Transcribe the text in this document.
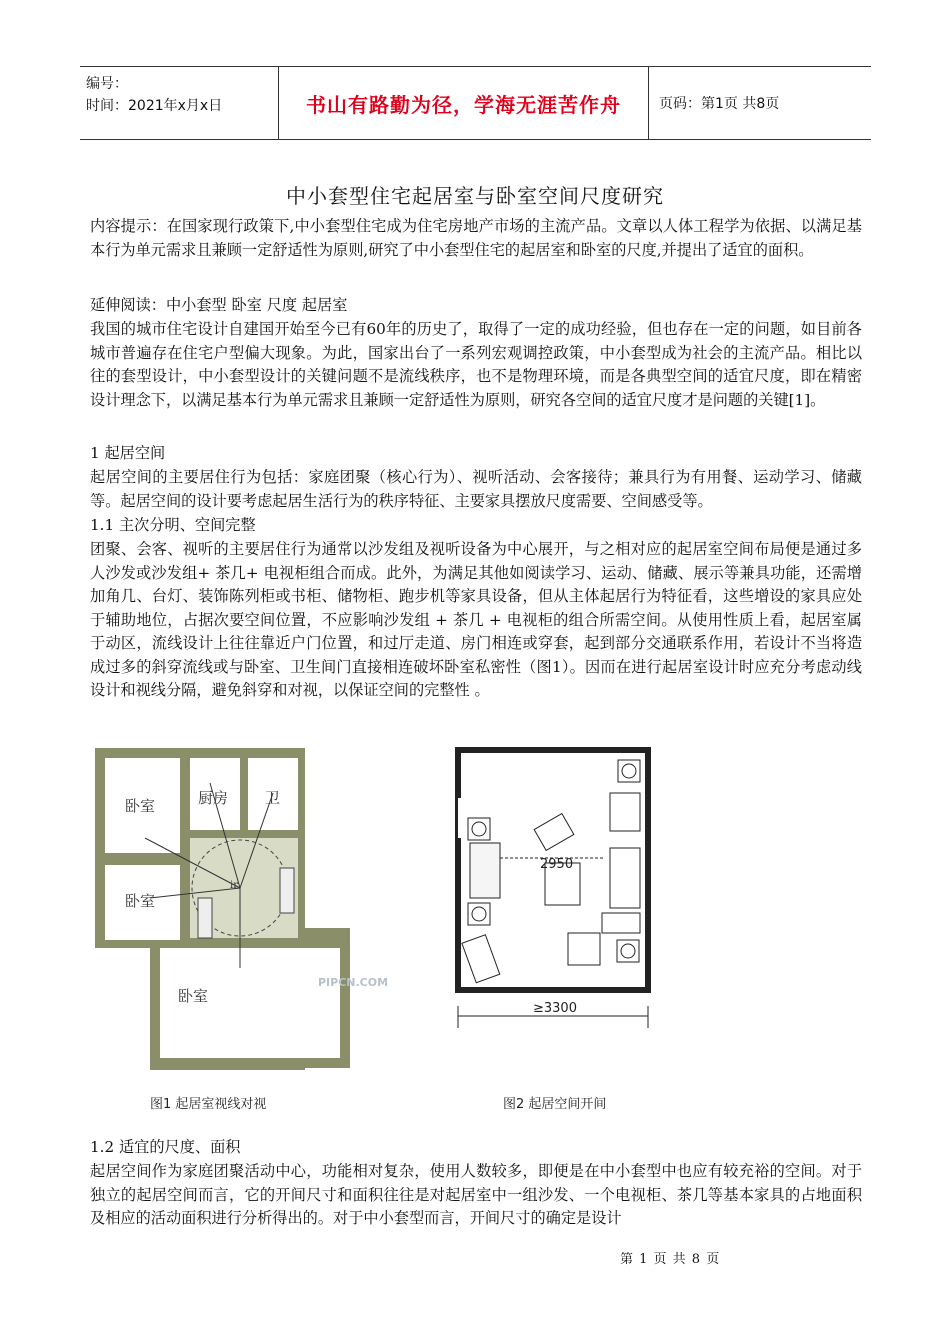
编号：
时间：2021年x月x日	书山有路勤为径，学海无涯苦作舟	页码：第1页 共8页
中小套型住宅起居室与卧室空间尺度研究

内容提示：在国家现行政策下,中小套型住宅成为住宅房地产市场的主流产品。文章以人体工程学为依据、以满足基本行为单元需求且兼顾一定舒适性为原则,研究了中小套型住宅的起居室和卧室的尺度,并提出了适宜的面积。

延伸阅读：中小套型 卧室 尺度 起居室

我国的城市住宅设计自建国开始至今已有60年的历史了，取得了一定的成功经验，但也存在一定的问题，如目前各城市普遍存在住宅户型偏大现象。为此，国家出台了一系列宏观调控政策，中小套型成为社会的主流产品。相比以往的套型设计，中小套型设计的关键问题不是流线秩序，也不是物理环境，而是各典型空间的适宜尺度，即在精密设计理念下，以满足基本行为单元需求且兼顾一定舒适性为原则，研究各空间的适宜尺度才是问题的关键[1]。

1 起居空间

起居空间的主要居住行为包括：家庭团聚（核心行为）、视听活动、会客接待；兼具行为有用餐、运动学习、储藏等。起居空间的设计要考虑起居生活行为的秩序特征、主要家具摆放尺度需要、空间感受等。

1.1 主次分明、空间完整

团聚、会客、视听的主要居住行为通常以沙发组及视听设备为中心展开，与之相对应的起居室空间布局便是通过多人沙发或沙发组+ 茶几+ 电视柜组合而成。此外，为满足其他如阅读学习、运动、储藏、展示等兼具功能，还需增加角几、台灯、装饰陈列柜或书柜、储物柜、跑步机等家具设备，但从主体起居行为特征看，这些增设的家具应处于辅助地位，占据次要空间位置，不应影响沙发组 + 茶几 + 电视柜的组合所需空间。从使用性质上看，起居室属于动区，流线设计上往往靠近户门位置，和过厅走道、房门相连或穿套，起到部分交通联系作用，若设计不当将造成过多的斜穿流线或与卧室、卫生间门直接相连破坏卧室私密性（图1）。因而在进行起居室设计时应充分考虑动线设计和视线分隔，避免斜穿和对视，以保证空间的完整性 。

ir
卧室	厨房 卫
卧室
卧室
PIPCN.COM
图1 起居室视线对视
2950
≥3300
图2 起居空间开间

1.2 适宜的尺度、面积

起居空间作为家庭团聚活动中心，功能相对复杂，使用人数较多，即便是在中小套型中也应有较充裕的空间。对于独立的起居空间而言，它的开间尺寸和面积往往是对起居室中一组沙发、一个电视柜、茶几等基本家具的占地面积及相应的活动面积进行分析得出的。对于中小套型而言，开间尺寸的确定是设计

第 1 页 共 8 页
